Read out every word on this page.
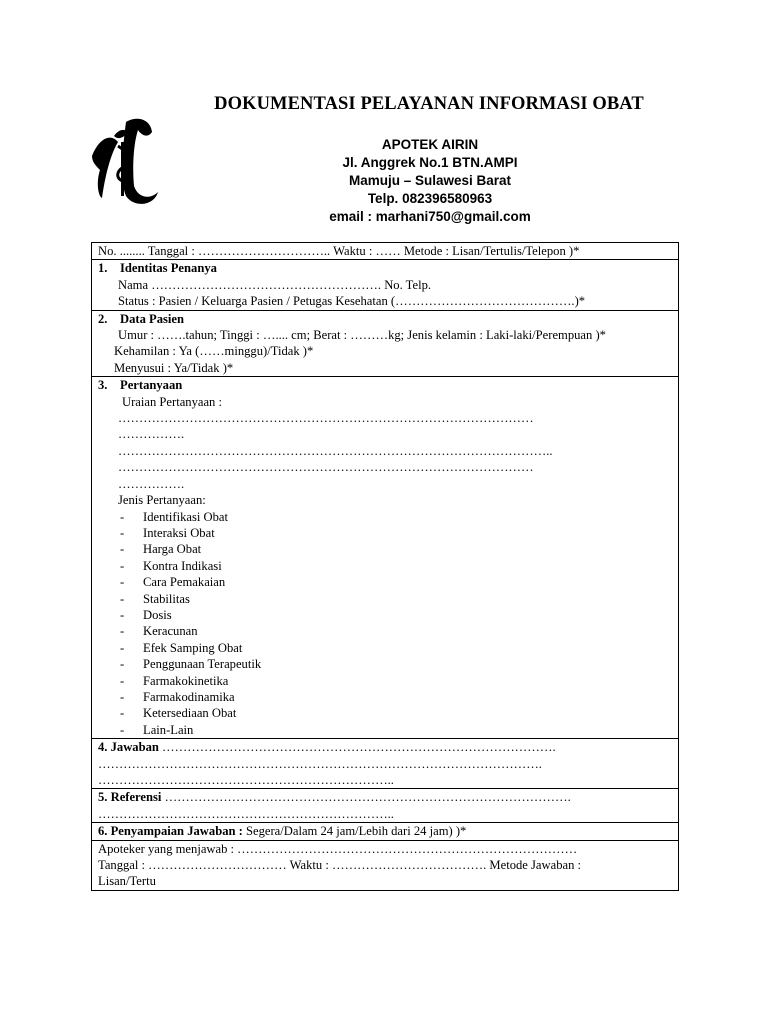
DOKUMENTASI PELAYANAN INFORMASI OBAT
APOTEK AIRIN
Jl. Anggrek No.1 BTN.AMPI
Mamuju – Sulawesi Barat
Telp. 082396580963
email : marhani750@gmail.com
No. ........ Tanggal : ………………………….. Waktu : …… Metode : Lisan/Tertulis/Telepon )*
1. Identitas Penanya
Nama ………………………………………………. No. Telp.
Status : Pasien / Keluarga Pasien / Petugas Kesehatan (…………………………………….)*
2. Data Pasien
Umur : …….tahun; Tinggi : ….... cm; Berat : ………kg; Jenis kelamin : Laki-laki/Perempuan )*
Kehamilan : Ya (……minggu)/Tidak )*
Menyusui : Ya/Tidak )*
3. Pertanyaan
Uraian Pertanyaan :
………………………………………………………………………………………
…………….
…………………………………………………………………………………………..
………………………………………………………………………………………
…………….
Jenis Pertanyaan:
- Identifikasi Obat
- Interaksi Obat
- Harga Obat
- Kontra Indikasi
- Cara Pemakaian
- Stabilitas
- Dosis
- Keracunan
- Efek Samping Obat
- Penggunaan Terapeutik
- Farmakokinetika
- Farmakodinamika
- Ketersediaan Obat
- Lain-Lain
4. Jawaban ………………………………………………………………………………….
…………………………………………………………………………………………….
……………………………………………………………..
5. Referensi …………………………………………………………………………………….
……………………………………………………………..
6. Penyampaian Jawaban : Segera/Dalam 24 jam/Lebih dari 24 jam) )*
Apoteker yang menjawab : ………………………………………………………………………
Tanggal : …………………………… Waktu : ………………………………. Metode Jawaban :
Lisan/Tertu
